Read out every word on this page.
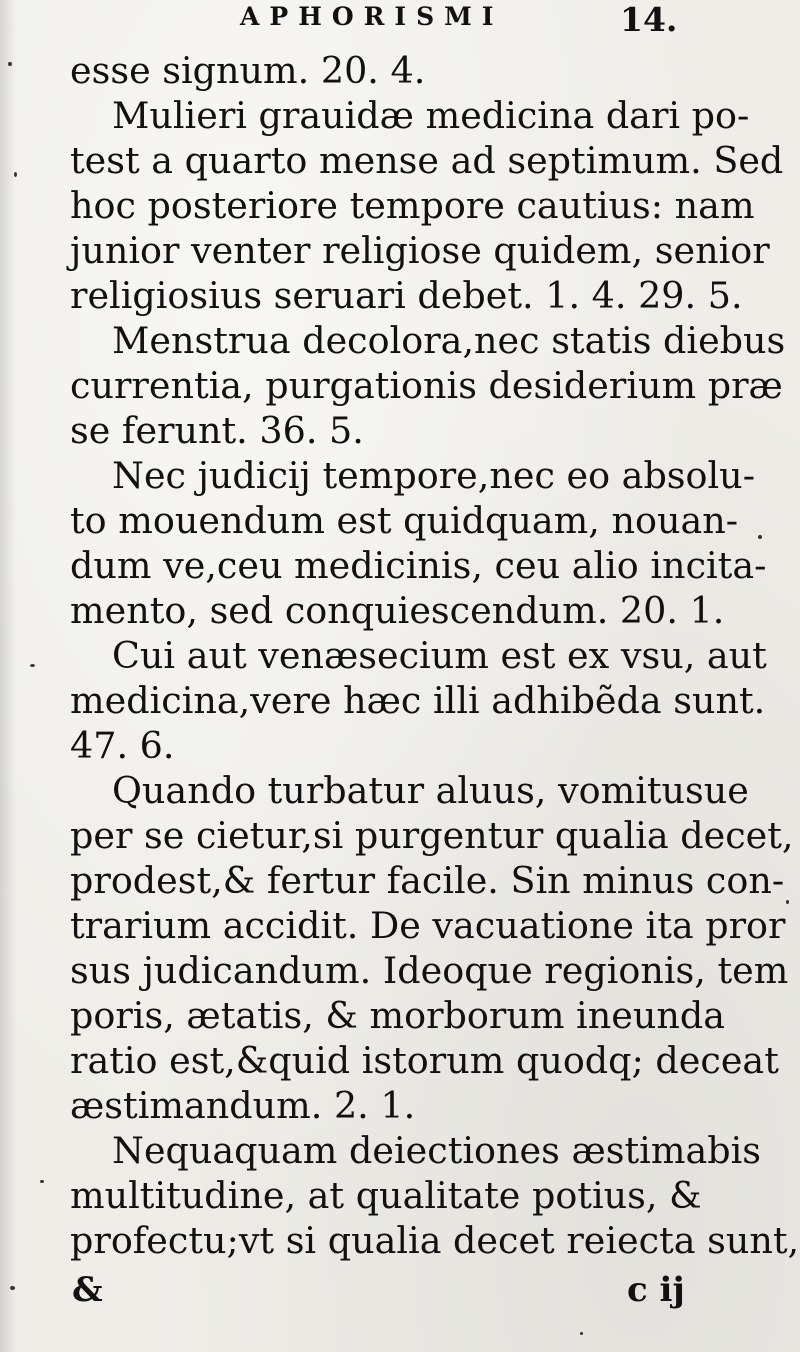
APHORISMI	14.
esse signum. 20. 4.
Mulieri grauidæ medicina dari po-
test a quarto mense ad septimum. Sed
hoc posteriore tempore cautius: nam
junior venter religiose quidem, senior
religiosius seruari debet. 1. 4. 29. 5.
Menstrua decolora,nec statis diebus
currentia, purgationis desiderium præ
se ferunt. 36. 5.
Nec judicij tempore,nec eo absolu-
to mouendum est quidquam, nouan-
dum ve,ceu medicinis, ceu alio incita-
mento, sed conquiescendum. 20. 1.
Cui aut venæsecium est ex vsu, aut
medicina,vere hæc illi adhibẽda sunt.
47. 6.
Quando turbatur aluus, vomitusue
per se cietur,si purgentur qualia decet,
prodest,& fertur facile. Sin minus con-
trarium accidit. De vacuatione ita pror
sus judicandum. Ideoque regionis, tem
poris, ætatis, & morborum ineunda
ratio est,&quid istorum quodq; deceat
æstimandum. 2. 1.
Nequaquam deiectiones æstimabis
multitudine, at qualitate potius, &
profectu;vt si qualia decet reiecta sunt,
&	c ij
